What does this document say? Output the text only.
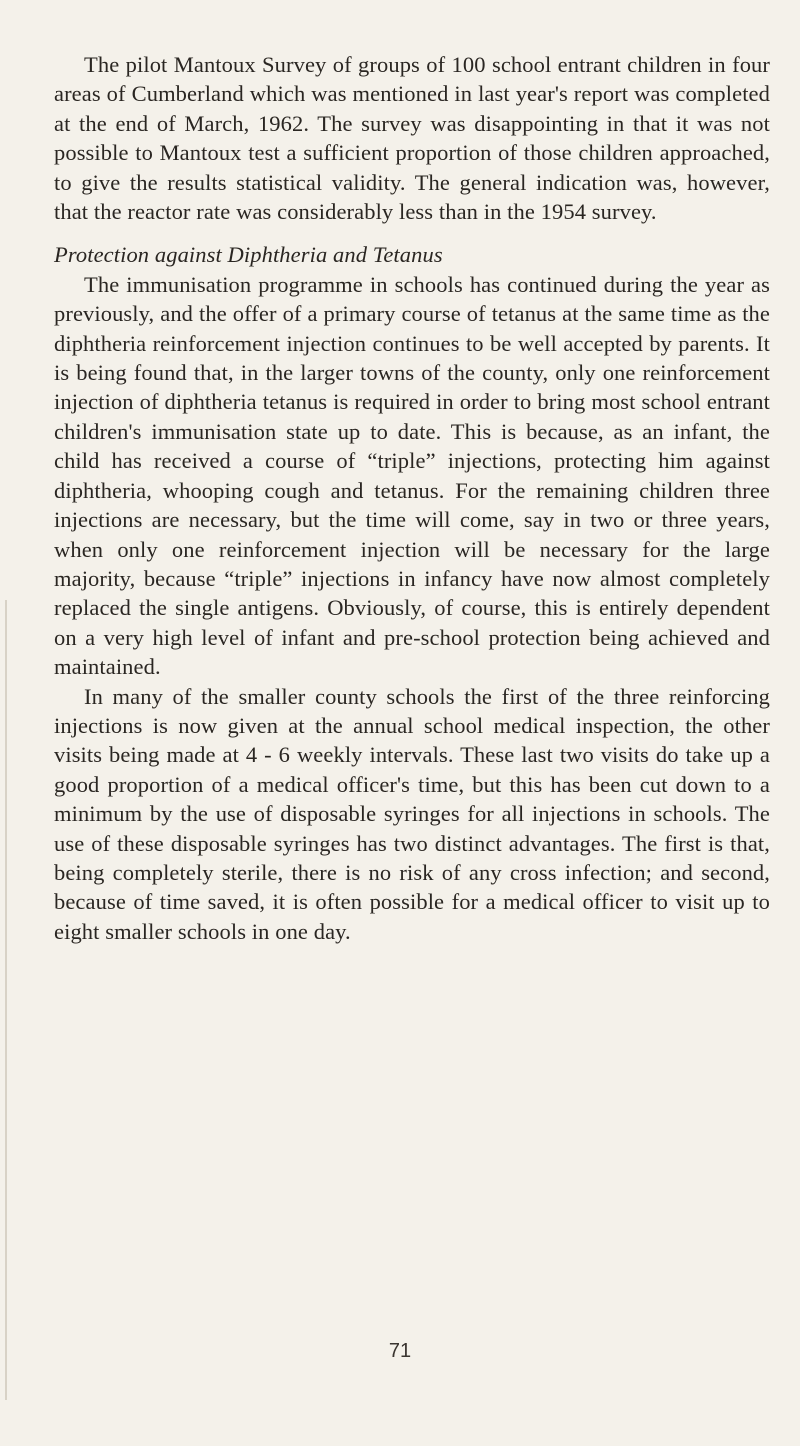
The pilot Mantoux Survey of groups of 100 school entrant children in four areas of Cumberland which was mentioned in last year's report was completed at the end of March, 1962. The survey was disappointing in that it was not possible to Mantoux test a sufficient proportion of those children approached, to give the results statistical validity. The general indication was, however, that the reactor rate was considerably less than in the 1954 survey.

Protection against Diphtheria and Tetanus

The immunisation programme in schools has continued during the year as previously, and the offer of a primary course of tetanus at the same time as the diphtheria reinforcement injection continues to be well accepted by parents. It is being found that, in the larger towns of the county, only one reinforcement injection of diphtheria tetanus is required in order to bring most school entrant children's immunisation state up to date. This is because, as an infant, the child has received a course of “triple” injections, protecting him against diphtheria, whooping cough and tetanus. For the remaining children three injections are necessary, but the time will come, say in two or three years, when only one reinforcement injection will be necessary for the large majority, because “triple” injections in infancy have now almost completely replaced the single antigens. Obviously, of course, this is entirely dependent on a very high level of infant and pre-school protection being achieved and maintained.

In many of the smaller county schools the first of the three reinforcing injections is now given at the annual school medical inspection, the other visits being made at 4 - 6 weekly intervals. These last two visits do take up a good proportion of a medical officer's time, but this has been cut down to a minimum by the use of disposable syringes for all injections in schools. The use of these disposable syringes has two distinct advantages. The first is that, being completely sterile, there is no risk of any cross infection; and second, because of time saved, it is often possible for a medical officer to visit up to eight smaller schools in one day.

71
